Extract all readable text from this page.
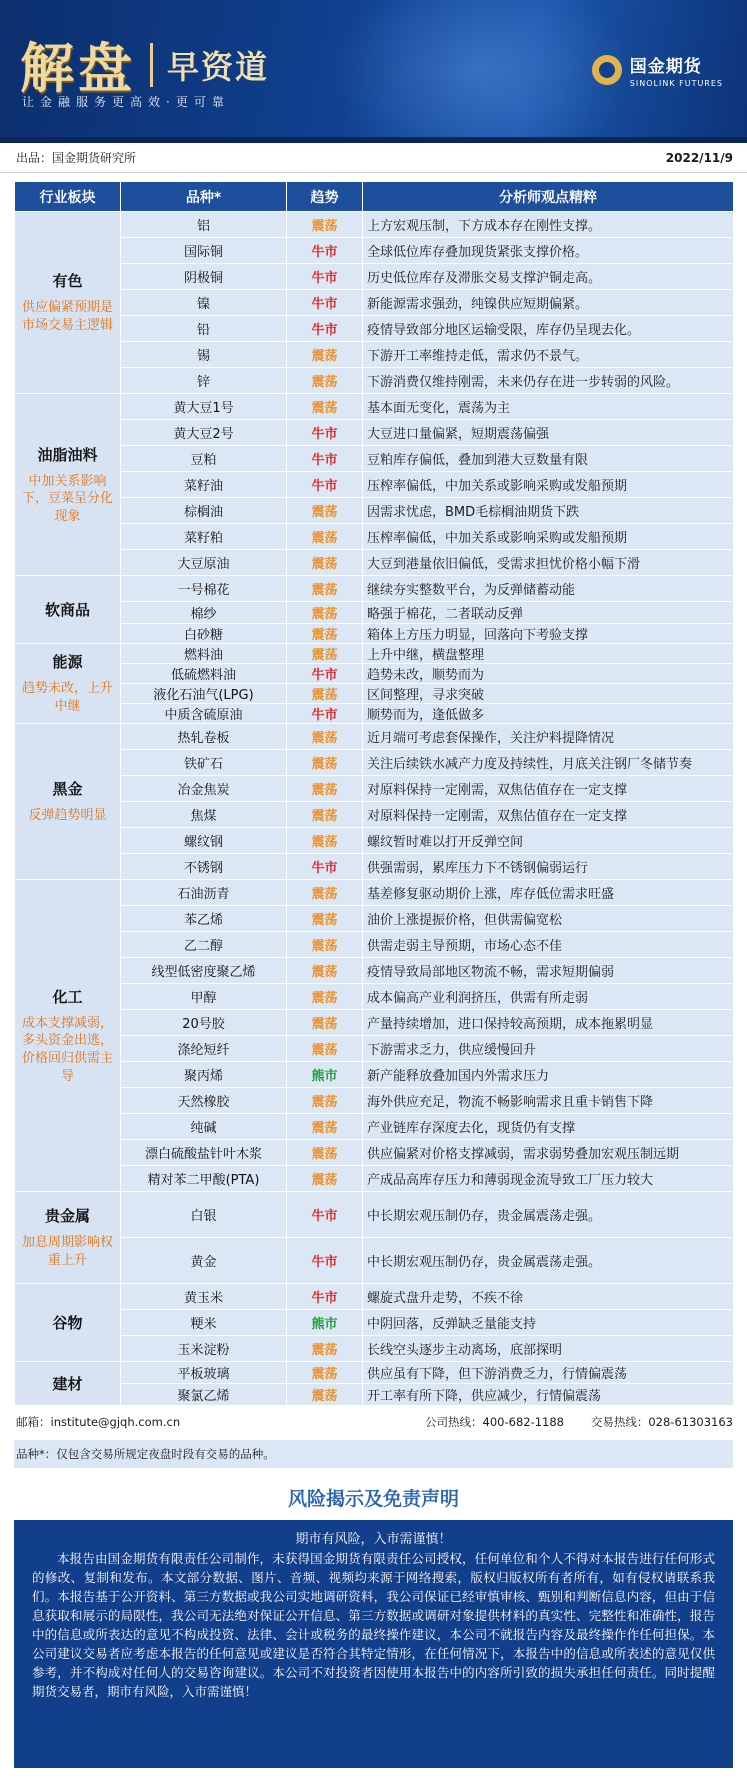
解盘 早资道
让金融服务更高效·更可靠
国金期货
SINOLINK FUTURES
出品：国金期货研究所	2022/11/9
行业板块	品种*	趋势	分析师观点精粹

有色
供应偏紧预期是市场交易主逻辑	铝	震荡	上方宏观压制，下方成本存在刚性支撑。
	国际铜	牛市	全球低位库存叠加现货紧张支撑价格。
	阴极铜	牛市	历史低位库存及滞胀交易支撑沪铜走高。
	镍	牛市	新能源需求强劲，纯镍供应短期偏紧。
	铅	牛市	疫情导致部分地区运输受限，库存仍呈现去化。
	锡	震荡	下游开工率维持走低，需求仍不景气。
	锌	震荡	下游消费仅维持刚需，未来仍存在进一步转弱的风险。

油脂油料
中加关系影响下，豆菜呈分化现象	黄大豆1号	震荡	基本面无变化，震荡为主
	黄大豆2号	牛市	大豆进口量偏紧，短期震荡偏强
	豆粕	牛市	豆粕库存偏低，叠加到港大豆数量有限
	菜籽油	牛市	压榨率偏低，中加关系或影响采购或发船预期
	棕榈油	震荡	因需求忧虑，BMD毛棕榈油期货下跌
	菜籽粕	震荡	压榨率偏低，中加关系或影响采购或发船预期
	大豆原油	震荡	大豆到港量依旧偏低，受需求担忧价格小幅下滑

软商品	一号棉花	震荡	继续夯实整数平台，为反弹储蓄动能
	棉纱	震荡	略强于棉花，二者联动反弹
	白砂糖	震荡	箱体上方压力明显，回落向下考验支撑

能源
趋势未改，上升中继	燃料油	震荡	上升中继，横盘整理
	低硫燃料油	牛市	趋势未改，顺势而为
	液化石油气(LPG)	震荡	区间整理，寻求突破
	中质含硫原油	牛市	顺势而为，逢低做多

黑金
反弹趋势明显	热轧卷板	震荡	近月端可考虑套保操作，关注炉料提降情况
	铁矿石	震荡	关注后续铁水减产力度及持续性，月底关注钢厂冬储节奏
	冶金焦炭	震荡	对原料保持一定刚需，双焦估值存在一定支撑
	焦煤	震荡	对原料保持一定刚需，双焦估值存在一定支撑
	螺纹钢	震荡	螺纹暂时难以打开反弹空间
	不锈钢	牛市	供强需弱，累库压力下不锈钢偏弱运行

化工
成本支撑减弱，多头资金出逃，价格回归供需主导	石油沥青	震荡	基差修复驱动期价上涨，库存低位需求旺盛
	苯乙烯	震荡	油价上涨提振价格，但供需偏宽松
	乙二醇	震荡	供需走弱主导预期，市场心态不佳
	线型低密度聚乙烯	震荡	疫情导致局部地区物流不畅，需求短期偏弱
	甲醇	震荡	成本偏高产业利润挤压，供需有所走弱
	20号胶	震荡	产量持续增加，进口保持较高预期，成本拖累明显
	涤纶短纤	震荡	下游需求乏力，供应缓慢回升
	聚丙烯	熊市	新产能释放叠加国内外需求压力
	天然橡胶	震荡	海外供应充足，物流不畅影响需求且重卡销售下降
	纯碱	震荡	产业链库存深度去化，现货仍有支撑
	漂白硫酸盐针叶木浆	震荡	供应偏紧对价格支撑减弱，需求弱势叠加宏观压制远期
	精对苯二甲酸(PTA)	震荡	产成品高库存压力和薄弱现金流导致工厂压力较大

贵金属
加息周期影响权重上升	白银	牛市	中长期宏观压制仍存，贵金属震荡走强。
	黄金	牛市	中长期宏观压制仍存，贵金属震荡走强。

谷物	黄玉米	牛市	螺旋式盘升走势，不疾不徐
	粳米	熊市	中阴回落，反弹缺乏量能支持
	玉米淀粉	震荡	长线空头逐步主动离场，底部探明

建材	平板玻璃	震荡	供应虽有下降，但下游消费乏力，行情偏震荡
	聚氯乙烯	震荡	开工率有所下降，供应减少，行情偏震荡
邮箱：institute@gjqh.com.cn	公司热线：400-682-1188	交易热线：028-61303163
品种*：仅包含交易所规定夜盘时段有交易的品种。
风险揭示及免责声明
期市有风险，入市需谨慎！
本报告由国金期货有限责任公司制作，未获得国金期货有限责任公司授权，任何单位和个人不得对本报告进行任何形式的修改、复制和发布。本文部分数据、图片、音频、视频均来源于网络搜索，版权归版权所有者所有，如有侵权请联系我们。本报告基于公开资料、第三方数据或我公司实地调研资料，我公司保证已经审慎审核、甄别和判断信息内容，但由于信息获取和展示的局限性，我公司无法绝对保证公开信息、第三方数据或调研对象提供材料的真实性、完整性和准确性，报告中的信息或所表达的意见不构成投资、法律、会计或税务的最终操作建议，本公司不就报告内容及最终操作作任何担保。本公司建议交易者应考虑本报告的任何意见或建议是否符合其特定情形，在任何情况下，本报告中的信息或所表述的意见仅供参考，并不构成对任何人的交易咨询建议。本公司不对投资者因使用本报告中的内容所引致的损失承担任何责任。同时提醒期货交易者，期市有风险，入市需谨慎！
